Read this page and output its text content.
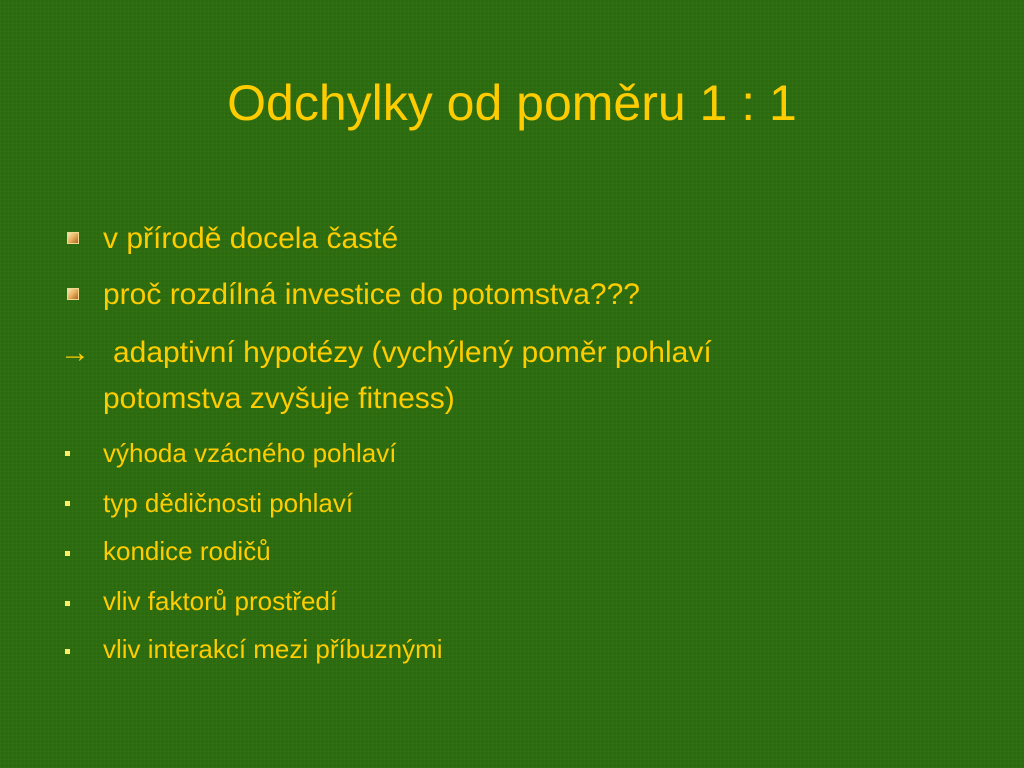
Odchylky od poměru 1 : 1
v přírodě docela časté
proč rozdílná investice do potomstva???
→ adaptivní hypotézy (vychýlený poměr pohlaví
potomstva zvyšuje fitness)
výhoda vzácného pohlaví
typ dědičnosti pohlaví
kondice rodičů
vliv faktorů prostředí
vliv interakcí mezi příbuznými
